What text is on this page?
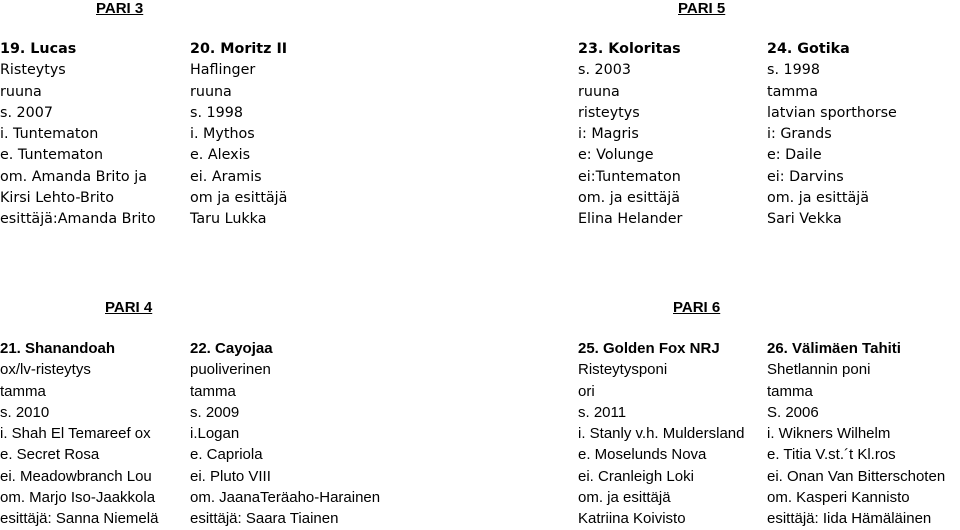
PARI 3	PARI 5
PARI 4	PARI 6
19. Lucas
Risteytys
ruuna
s. 2007
i. Tuntematon
e. Tuntematon
om. Amanda Brito ja
Kirsi Lehto-Brito
esittäjä:Amanda Brito
20. Moritz II
Haflinger
ruuna
s. 1998
i. Mythos
e. Alexis
ei. Aramis
om ja esittäjä
Taru Lukka
23. Koloritas
s. 2003
ruuna
risteytys
i: Magris
e: Volunge
ei:Tuntematon
om. ja esittäjä
Elina Helander
24. Gotika
s. 1998
tamma
latvian sporthorse
i: Grands
e: Daile
ei: Darvins
om. ja esittäjä
Sari Vekka
21. Shanandoah
ox/lv-risteytys
tamma
s. 2010
i. Shah El Temareef ox
e. Secret Rosa
ei. Meadowbranch Lou
om. Marjo Iso-Jaakkola
esittäjä: Sanna Niemelä
22. Cayojaa
puoliverinen
tamma
s. 2009
i.Logan
e. Capriola
ei. Pluto VIII
om. JaanaTeräaho-Harainen
esittäjä: Saara Tiainen
25. Golden Fox NRJ
Risteytysponi
ori
s. 2011
i. Stanly v.h. Muldersland
e. Moselunds Nova
ei. Cranleigh Loki
om. ja esittäjä
Katriina Koivisto
26. Välimäen Tahiti
Shetlannin poni
tamma
S. 2006
i. Wikners Wilhelm
e. Titia V.st.´t Kl.ros
ei. Onan Van Bitterschoten
om. Kasperi Kannisto
esittäjä: Iida Hämäläinen
